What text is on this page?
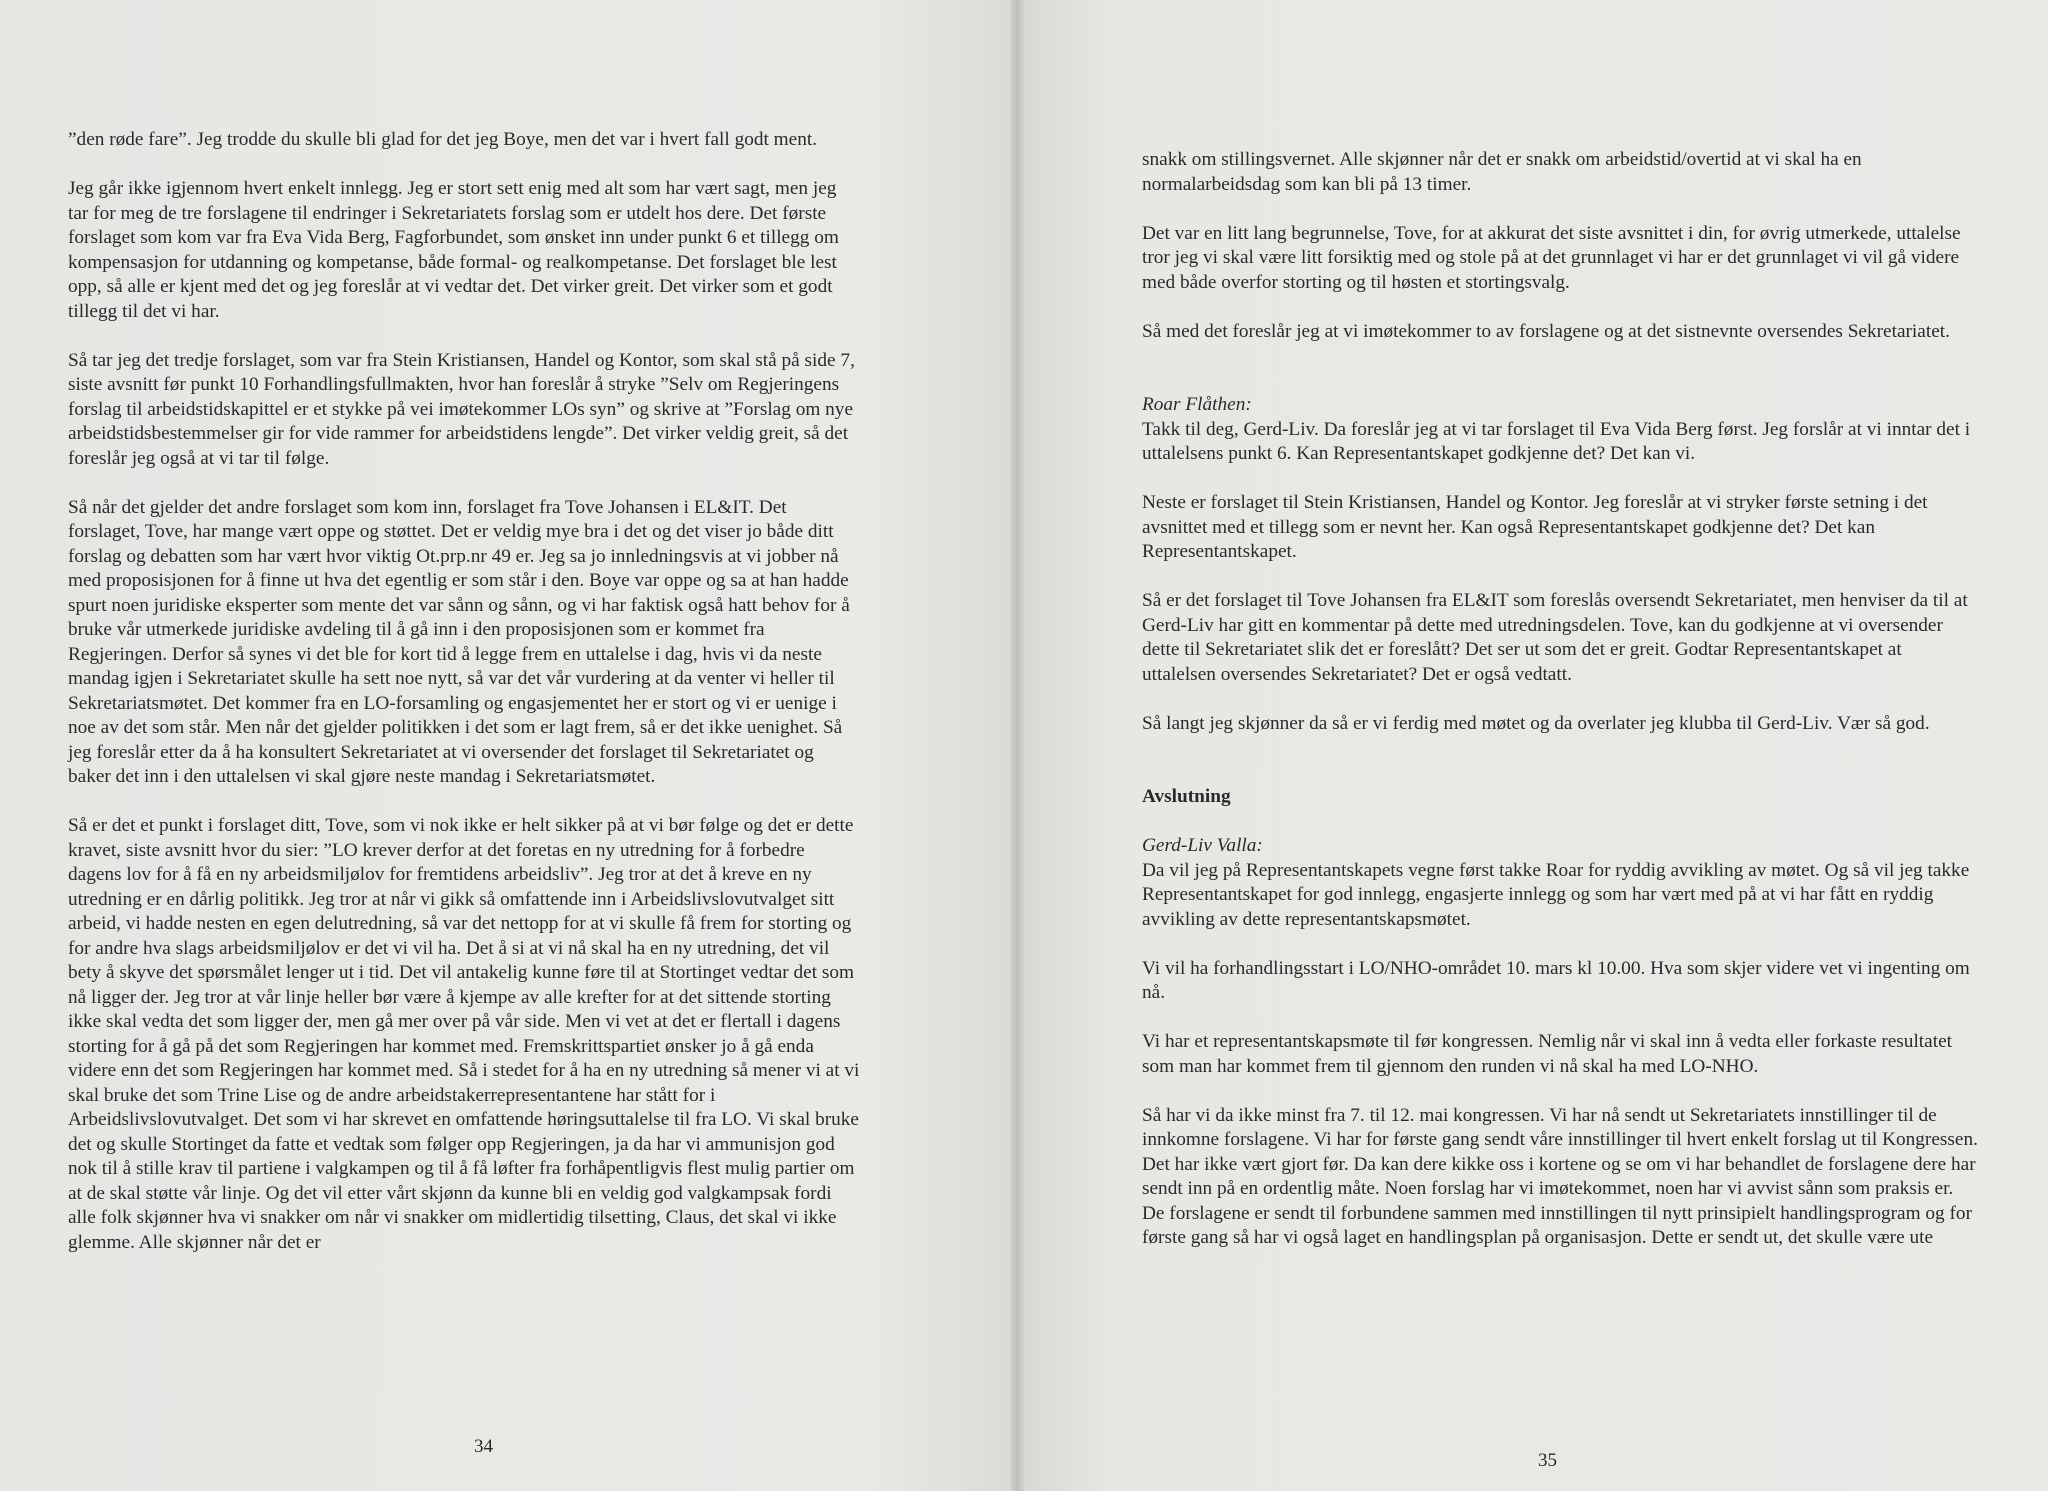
”den røde fare”. Jeg trodde du skulle bli glad for det jeg Boye, men det var i hvert fall godt ment.

Jeg går ikke igjennom hvert enkelt innlegg. Jeg er stort sett enig med alt som har vært sagt, men jeg tar for meg de tre forslagene til endringer i Sekretariatets forslag som er utdelt hos dere. Det første forslaget som kom var fra Eva Vida Berg, Fagforbundet, som ønsket inn under punkt 6 et tillegg om kompensasjon for utdanning og kompetanse, både formal- og realkompetanse. Det forslaget ble lest opp, så alle er kjent med det og jeg foreslår at vi vedtar det. Det virker greit. Det virker som et godt tillegg til det vi har.

Så tar jeg det tredje forslaget, som var fra Stein Kristiansen, Handel og Kontor, som skal stå på side 7, siste avsnitt før punkt 10 Forhandlingsfullmakten, hvor han foreslår å stryke ”Selv om Regjeringens forslag til arbeidstidskapittel er et stykke på vei imøtekommer LOs syn” og skrive at ”Forslag om nye arbeidstidsbestemmelser gir for vide rammer for arbeidstidens lengde”. Det virker veldig greit, så det foreslår jeg også at vi tar til følge.

Så når det gjelder det andre forslaget som kom inn, forslaget fra Tove Johansen i EL&IT. Det forslaget, Tove, har mange vært oppe og støttet. Det er veldig mye bra i det og det viser jo både ditt forslag og debatten som har vært hvor viktig Ot.prp.nr 49 er. Jeg sa jo innledningsvis at vi jobber nå med proposisjonen for å finne ut hva det egentlig er som står i den. Boye var oppe og sa at han hadde spurt noen juridiske eksperter som mente det var sånn og sånn, og vi har faktisk også hatt behov for å bruke vår utmerkede juridiske avdeling til å gå inn i den proposisjonen som er kommet fra Regjeringen. Derfor så synes vi det ble for kort tid å legge frem en uttalelse i dag, hvis vi da neste mandag igjen i Sekretariatet skulle ha sett noe nytt, så var det vår vurdering at da venter vi heller til Sekretariatsmøtet. Det kommer fra en LO-forsamling og engasjementet her er stort og vi er uenige i noe av det som står. Men når det gjelder politikken i det som er lagt frem, så er det ikke uenighet. Så jeg foreslår etter da å ha konsultert Sekretariatet at vi oversender det forslaget til Sekretariatet og baker det inn i den uttalelsen vi skal gjøre neste mandag i Sekretariatsmøtet.

Så er det et punkt i forslaget ditt, Tove, som vi nok ikke er helt sikker på at vi bør følge og det er dette kravet, siste avsnitt hvor du sier: ”LO krever derfor at det foretas en ny utredning for å forbedre dagens lov for å få en ny arbeidsmiljølov for fremtidens arbeidsliv”. Jeg tror at det å kreve en ny utredning er en dårlig politikk. Jeg tror at når vi gikk så omfattende inn i Arbeidslivslovutvalget sitt arbeid, vi hadde nesten en egen delutredning, så var det nettopp for at vi skulle få frem for storting og for andre hva slags arbeidsmiljølov er det vi vil ha. Det å si at vi nå skal ha en ny utredning, det vil bety å skyve det spørsmålet lenger ut i tid. Det vil antakelig kunne føre til at Stortinget vedtar det som nå ligger der. Jeg tror at vår linje heller bør være å kjempe av alle krefter for at det sittende storting ikke skal vedta det som ligger der, men gå mer over på vår side. Men vi vet at det er flertall i dagens storting for å gå på det som Regjeringen har kommet med. Fremskrittspartiet ønsker jo å gå enda videre enn det som Regjeringen har kommet med. Så i stedet for å ha en ny utredning så mener vi at vi skal bruke det som Trine Lise og de andre arbeidstakerrepresentantene har stått for i Arbeidslivslovutvalget. Det som vi har skrevet en omfattende høringsuttalelse til fra LO. Vi skal bruke det og skulle Stortinget da fatte et vedtak som følger opp Regjeringen, ja da har vi ammunisjon god nok til å stille krav til partiene i valgkampen og til å få løfter fra forhåpentligvis flest mulig partier om at de skal støtte vår linje. Og det vil etter vårt skjønn da kunne bli en veldig god valgkampsak fordi alle folk skjønner hva vi snakker om når vi snakker om midlertidig tilsetting, Claus, det skal vi ikke glemme. Alle skjønner når det er

34

snakk om stillingsvernet. Alle skjønner når det er snakk om arbeidstid/overtid at vi skal ha en normalarbeidsdag som kan bli på 13 timer.

Det var en litt lang begrunnelse, Tove, for at akkurat det siste avsnittet i din, for øvrig utmerkede, uttalelse tror jeg vi skal være litt forsiktig med og stole på at det grunnlaget vi har er det grunnlaget vi vil gå videre med både overfor storting og til høsten et stortingsvalg.

Så med det foreslår jeg at vi imøtekommer to av forslagene og at det sistnevnte oversendes Sekretariatet.

Roar Flåthen:

Takk til deg, Gerd-Liv. Da foreslår jeg at vi tar forslaget til Eva Vida Berg først. Jeg forslår at vi inntar det i uttalelsens punkt 6. Kan Representantskapet godkjenne det? Det kan vi.

Neste er forslaget til Stein Kristiansen, Handel og Kontor. Jeg foreslår at vi stryker første setning i det avsnittet med et tillegg som er nevnt her. Kan også Representantskapet godkjenne det? Det kan Representantskapet.

Så er det forslaget til Tove Johansen fra EL&IT som foreslås oversendt Sekretariatet, men henviser da til at Gerd-Liv har gitt en kommentar på dette med utredningsdelen. Tove, kan du godkjenne at vi oversender dette til Sekretariatet slik det er foreslått? Det ser ut som det er greit. Godtar Representantskapet at uttalelsen oversendes Sekretariatet? Det er også vedtatt.

Så langt jeg skjønner da så er vi ferdig med møtet og da overlater jeg klubba til Gerd-Liv. Vær så god.

Avslutning

Gerd-Liv Valla:

Da vil jeg på Representantskapets vegne først takke Roar for ryddig avvikling av møtet. Og så vil jeg takke Representantskapet for god innlegg, engasjerte innlegg og som har vært med på at vi har fått en ryddig avvikling av dette representantskapsmøtet.

Vi vil ha forhandlingsstart i LO/NHO-området 10. mars kl 10.00. Hva som skjer videre vet vi ingenting om nå.

Vi har et representantskapsmøte til før kongressen. Nemlig når vi skal inn å vedta eller forkaste resultatet som man har kommet frem til gjennom den runden vi nå skal ha med LO-NHO.

Så har vi da ikke minst fra 7. til 12. mai kongressen. Vi har nå sendt ut Sekretariatets innstillinger til de innkomne forslagene. Vi har for første gang sendt våre innstillinger til hvert enkelt forslag ut til Kongressen. Det har ikke vært gjort før. Da kan dere kikke oss i kortene og se om vi har behandlet de forslagene dere har sendt inn på en ordentlig måte. Noen forslag har vi imøtekommet, noen har vi avvist sånn som praksis er. De forslagene er sendt til forbundene sammen med innstillingen til nytt prinsipielt handlingsprogram og for første gang så har vi også laget en handlingsplan på organisasjon. Dette er sendt ut, det skulle være ute

35
